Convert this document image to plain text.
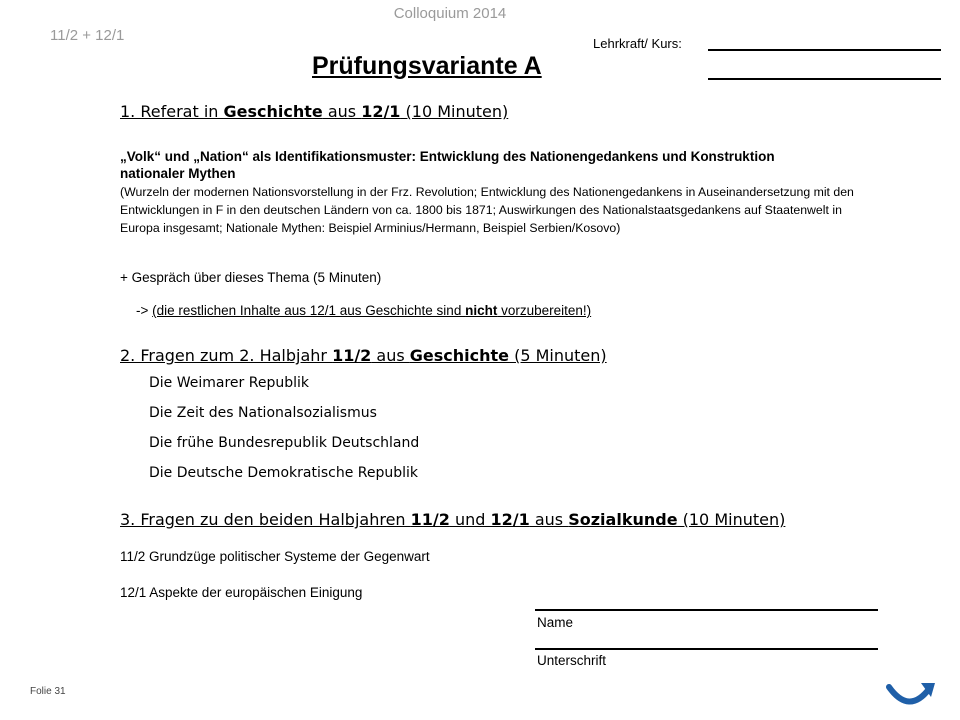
Colloquium 2014
11/2 + 12/1	Lehrkraft/ Kurs:
Prüfungsvariante A
1. Referat in Geschichte aus 12/1 (10 Minuten)
„Volk“ und „Nation“ als Identifikationsmuster: Entwicklung des Nationengedankens und Konstruktion nationaler Mythen
(Wurzeln der modernen Nationsvorstellung in der Frz. Revolution; Entwicklung des Nationengedankens in Auseinandersetzung mit den Entwicklungen in F in den deutschen Ländern von ca. 1800 bis 1871; Auswirkungen des Nationalstaatsgedankens auf Staatenwelt in Europa insgesamt; Nationale Mythen: Beispiel Arminius/Hermann, Beispiel Serbien/Kosovo)
+ Gespräch über dieses Thema (5 Minuten)
-> (die restlichen Inhalte aus 12/1 aus Geschichte sind nicht vorzubereiten!)
2. Fragen zum 2. Halbjahr 11/2 aus Geschichte (5 Minuten)
Die Weimarer Republik
Die Zeit des Nationalsozialismus
Die frühe Bundesrepublik Deutschland
Die Deutsche Demokratische Republik
3. Fragen zu den beiden Halbjahren 11/2 und 12/1 aus Sozialkunde (10 Minuten)
11/2 Grundzüge politischer Systeme der Gegenwart
12/1 Aspekte der europäischen Einigung
Name
Unterschrift
Folie 31
